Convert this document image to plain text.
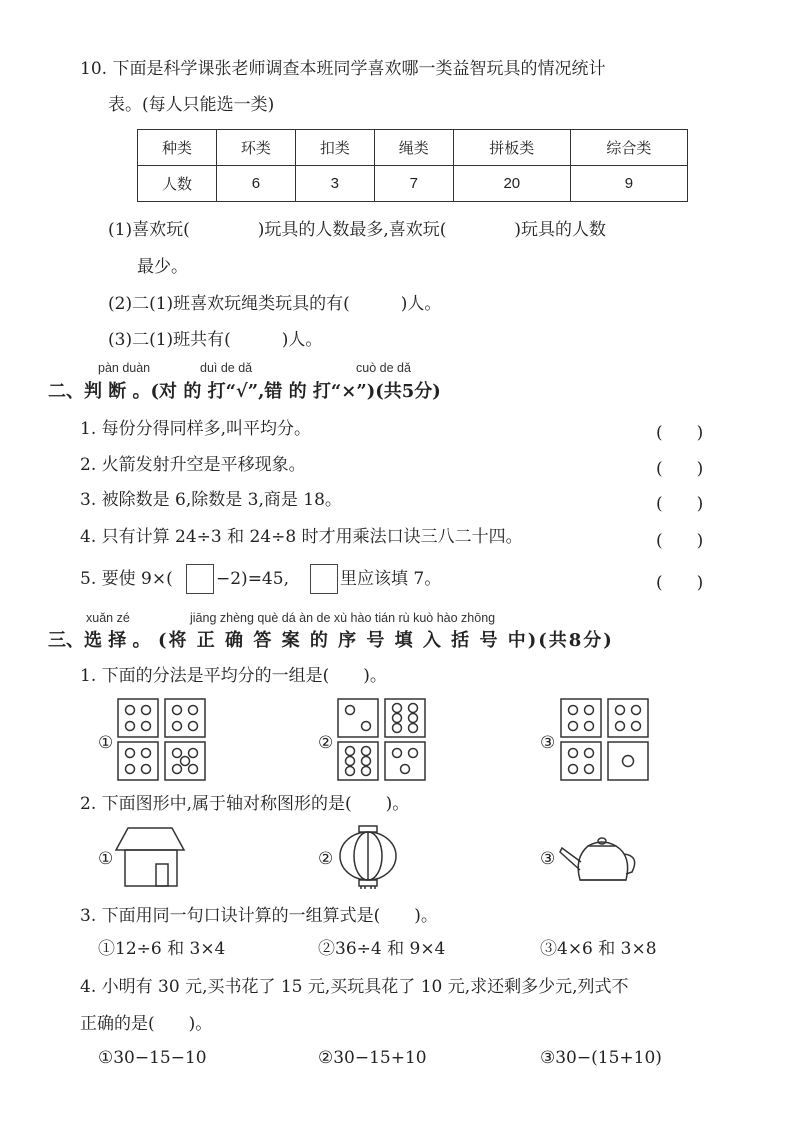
10. 下面是科学课张老师调查本班同学喜欢哪一类益智玩具的情况统计
表。(每人只能选一类)
种类	环类	扣类	绳类	拼板类	综合类
人数	6	3	7	20	9
(1)喜欢玩(　　　　)玩具的人数最多,喜欢玩(　　　　)玩具的人数
最少。
(2)二(1)班喜欢玩绳类玩具的有(　　　)人。
(3)二(1)班共有(　　　)人。
pàn duàn	duì de dǎ	cuò de dǎ
二、判 断 。(对 的 打“√”,错 的 打“×”)(共5分)
1. 每份分得同样多,叫平均分。	(　　)
2. 火箭发射升空是平移现象。	(　　)
3. 被除数是 6,除数是 3,商是 18。	(　　)
4. 只有计算 24÷3 和 24÷8 时才用乘法口诀三八二十四。	(　　)
5. 要使 9×(	−2)=45,	里应该填 7。	(　　)
xuǎn zé	jiāng zhèng què dá àn de xù hào tián rù kuò hào zhōng
三、选 择 。 (将 正 确 答 案 的 序 号 填 入 括 号 中)(共8分)
1. 下面的分法是平均分的一组是(　　)。
①	②	③
2. 下面图形中,属于轴对称图形的是(　　)。
①	②	③
3. 下面用同一句口诀计算的一组算式是(　　)。
①12÷6 和 3×4	②36÷4 和 9×4	③4×6 和 3×8
4. 小明有 30 元,买书花了 15 元,买玩具花了 10 元,求还剩多少元,列式不
正确的是(　　)。
①30−15−10	②30−15+10	③30−(15+10)
